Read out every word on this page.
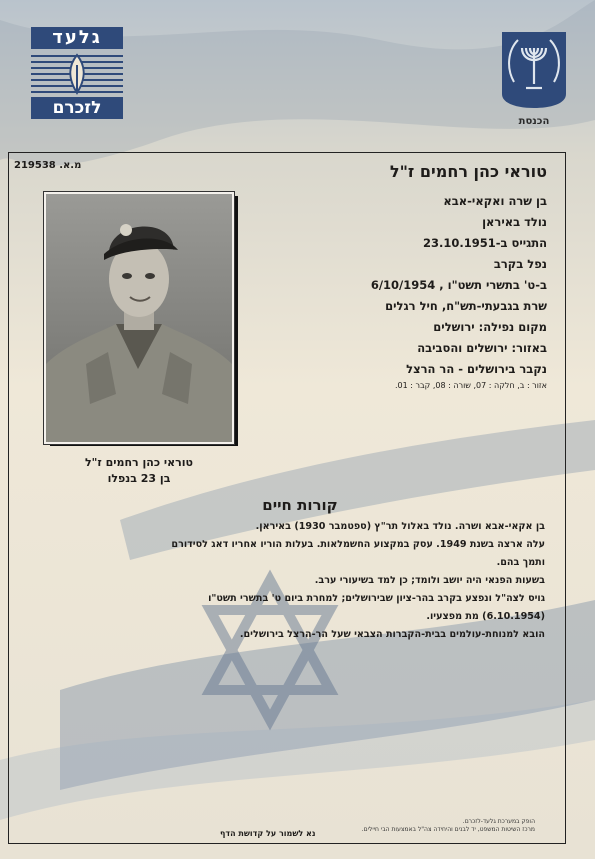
גלעד
לזכרם
הכנסת
מ.א. 219538
טוראי כהן רחמים ז"ל
בן 23 בנפלו
טוראי כהן רחמים ז"ל
בן שרה ואקאי-אבא
נולד באיראן
התגייס ב-23.10.1951
נפל בקרב
ב-ט' בתשרי תשט"ו , 6/10/1954
שרת בגבעתי-תש"ח, חיל רגלים
מקום נפילה: ירושלים
באזור: ירושלים והסביבה
נקבר בירושלים - הר הרצל
אזור : ב, חלקה : 07, שורה : 08, קבר : 01.
קורות חיים

בן אקאי-אבא ושרה. נולד באלול תר"ץ (ספטמבר 1930) באיראן.

עלה ארצה בשנת 1949. עסק במקצוע החשמלאות. בעלות הוריו אחריו דאג לסידורם ותמך בהם.

בשעות הפנאי היה יושב ולומד; כן למד בשיעורי ערב.

גויס לצה"ל ונפצע בקרב בהר-ציון שבירושלים; למחרת ביום ט' בתשרי תשט"ו (6.10.1954) מת מפצעיו.

הובא למנוחת-עולמים בבית-הקברות הצבאי שעל הר-הרצל בירושלים.

נא לשמור על קדושת הדף
הופק במערכת גלעד-לזכרם.
מרכז השיטות המשפט, יד לבנים והיחידה צה"ל באמצעות הבי חיילים.
